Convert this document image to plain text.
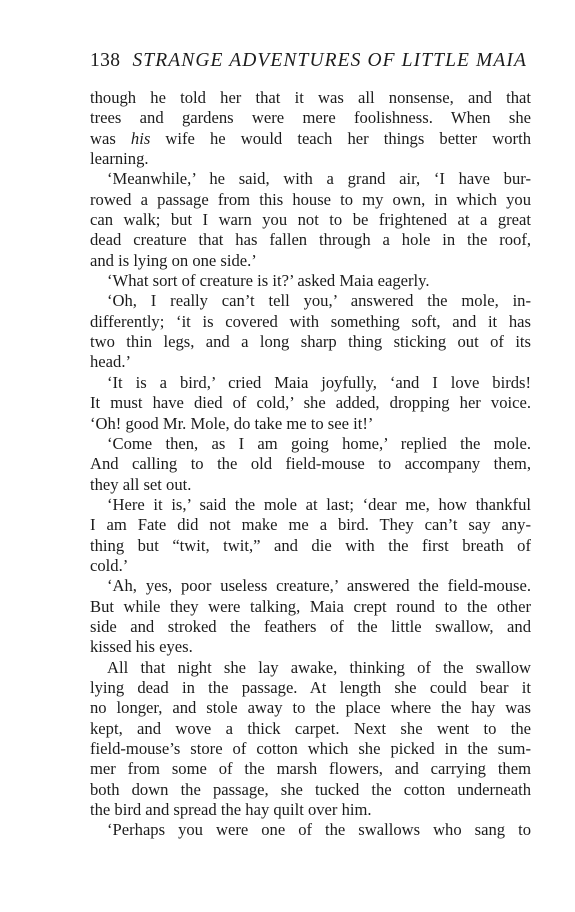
138 STRANGE ADVENTURES OF LITTLE MAIA
though he told her that it was all nonsense, and that
trees and gardens were mere foolishness. When she
was his wife he would teach her things better worth
learning.
‘Meanwhile,’ he said, with a grand air, ‘I have bur-
rowed a passage from this house to my own, in which you
can walk; but I warn you not to be frightened at a great
dead creature that has fallen through a hole in the roof,
and is lying on one side.’
‘What sort of creature is it?’ asked Maia eagerly.
‘Oh, I really can’t tell you,’ answered the mole, in-
differently; ‘it is covered with something soft, and it has
two thin legs, and a long sharp thing sticking out of its
head.’
‘It is a bird,’ cried Maia joyfully, ‘and I love birds!
It must have died of cold,’ she added, dropping her voice.
‘Oh! good Mr. Mole, do take me to see it!’
‘Come then, as I am going home,’ replied the mole.
And calling to the old field-mouse to accompany them,
they all set out.
‘Here it is,’ said the mole at last; ‘dear me, how thankful
I am Fate did not make me a bird. They can’t say any-
thing but “twit, twit,” and die with the first breath of
cold.’
‘Ah, yes, poor useless creature,’ answered the field-mouse.
But while they were talking, Maia crept round to the other
side and stroked the feathers of the little swallow, and
kissed his eyes.
All that night she lay awake, thinking of the swallow
lying dead in the passage. At length she could bear it
no longer, and stole away to the place where the hay was
kept, and wove a thick carpet. Next she went to the
field-mouse’s store of cotton which she picked in the sum-
mer from some of the marsh flowers, and carrying them
both down the passage, she tucked the cotton underneath
the bird and spread the hay quilt over him.
‘Perhaps you were one of the swallows who sang to
